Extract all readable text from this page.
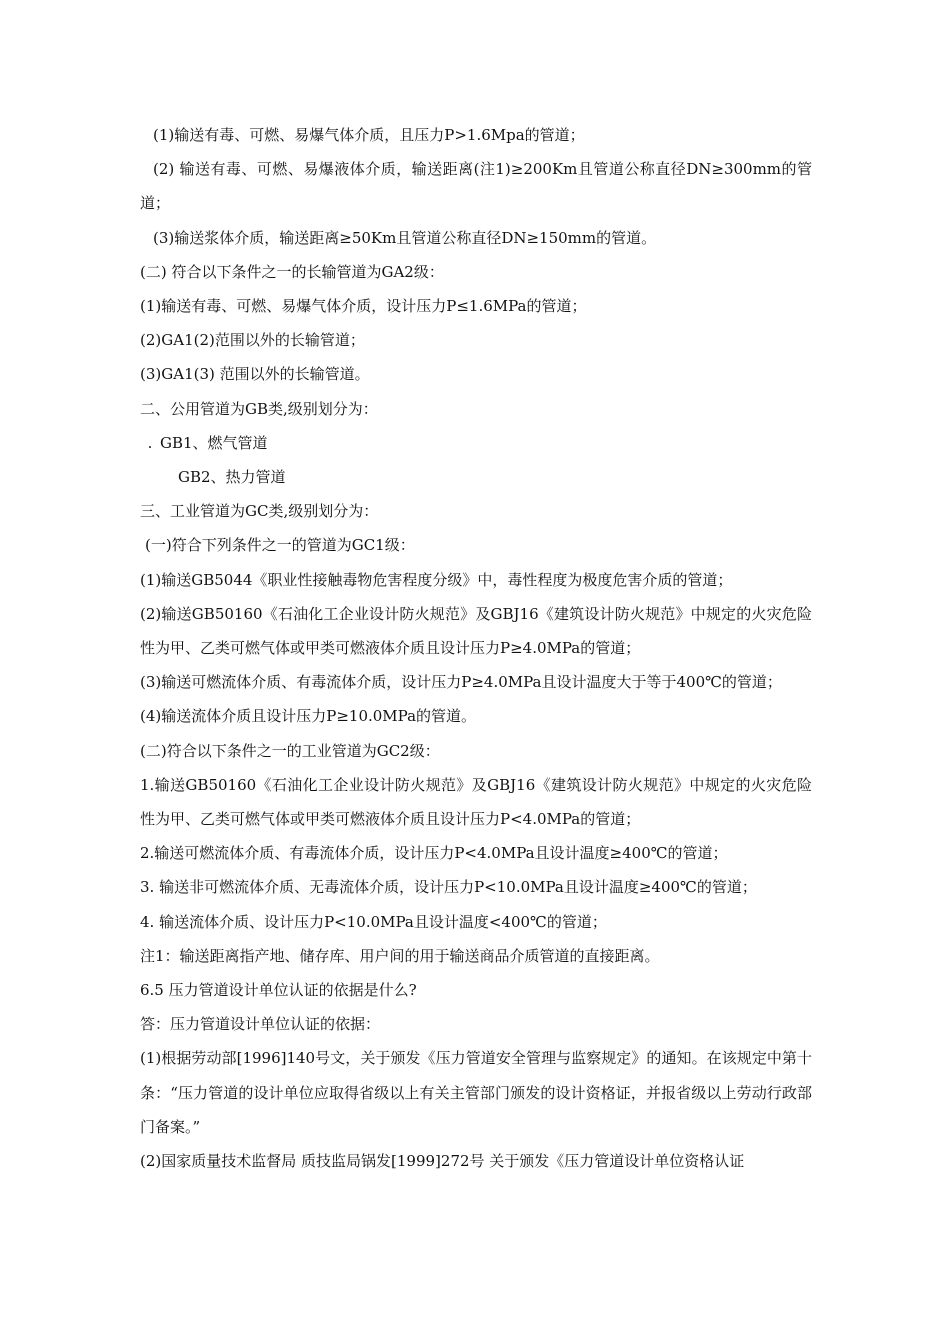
(1)输送有毒、可燃、易爆气体介质，且压力P>1.6Mpa的管道；

(2) 输送有毒、可燃、易爆液体介质，输送距离(注1)≥200Km且管道公称直径DN≥300mm的管道；

(3)输送浆体介质，输送距离≥50Km且管道公称直径DN≥150mm的管道。

(二) 符合以下条件之一的长输管道为GA2级：

(1)输送有毒、可燃、易爆气体介质，设计压力P≤1.6MPa的管道；

(2)GA1(2)范围以外的长输管道；

(3)GA1(3) 范围以外的长输管道。

二、公用管道为GB类,级别划分为：

. GB1、燃气管道

GB2、热力管道

三、工业管道为GC类,级别划分为：

(一)符合下列条件之一的管道为GC1级：

(1)输送GB5044《职业性接触毒物危害程度分级》中，毒性程度为极度危害介质的管道；

(2)输送GB50160《石油化工企业设计防火规范》及GBJ16《建筑设计防火规范》中规定的火灾危险性为甲、乙类可燃气体或甲类可燃液体介质且设计压力P≥4.0MPa的管道；

(3)输送可燃流体介质、有毒流体介质，设计压力P≥4.0MPa且设计温度大于等于400℃的管道；

(4)输送流体介质且设计压力P≥10.0MPa的管道。

(二)符合以下条件之一的工业管道为GC2级：

1.输送GB50160《石油化工企业设计防火规范》及GBJ16《建筑设计防火规范》中规定的火灾危险性为甲、乙类可燃气体或甲类可燃液体介质且设计压力P<4.0MPa的管道；

2.输送可燃流体介质、有毒流体介质，设计压力P<4.0MPa且设计温度≥400℃的管道；

3. 输送非可燃流体介质、无毒流体介质，设计压力P<10.0MPa且设计温度≥400℃的管道；

4. 输送流体介质、设计压力P<10.0MPa且设计温度<400℃的管道；

注1：输送距离指产地、储存库、用户间的用于输送商品介质管道的直接距离。

6.5 压力管道设计单位认证的依据是什么?

答：压力管道设计单位认证的依据：

(1)根据劳动部[1996]140号文，关于颁发《压力管道安全管理与监察规定》的通知。在该规定中第十条：“压力管道的设计单位应取得省级以上有关主管部门颁发的设计资格证，并报省级以上劳动行政部门备案。”

(2)国家质量技术监督局 质技监局锅发[1999]272号 关于颁发《压力管道设计单位资格认证
